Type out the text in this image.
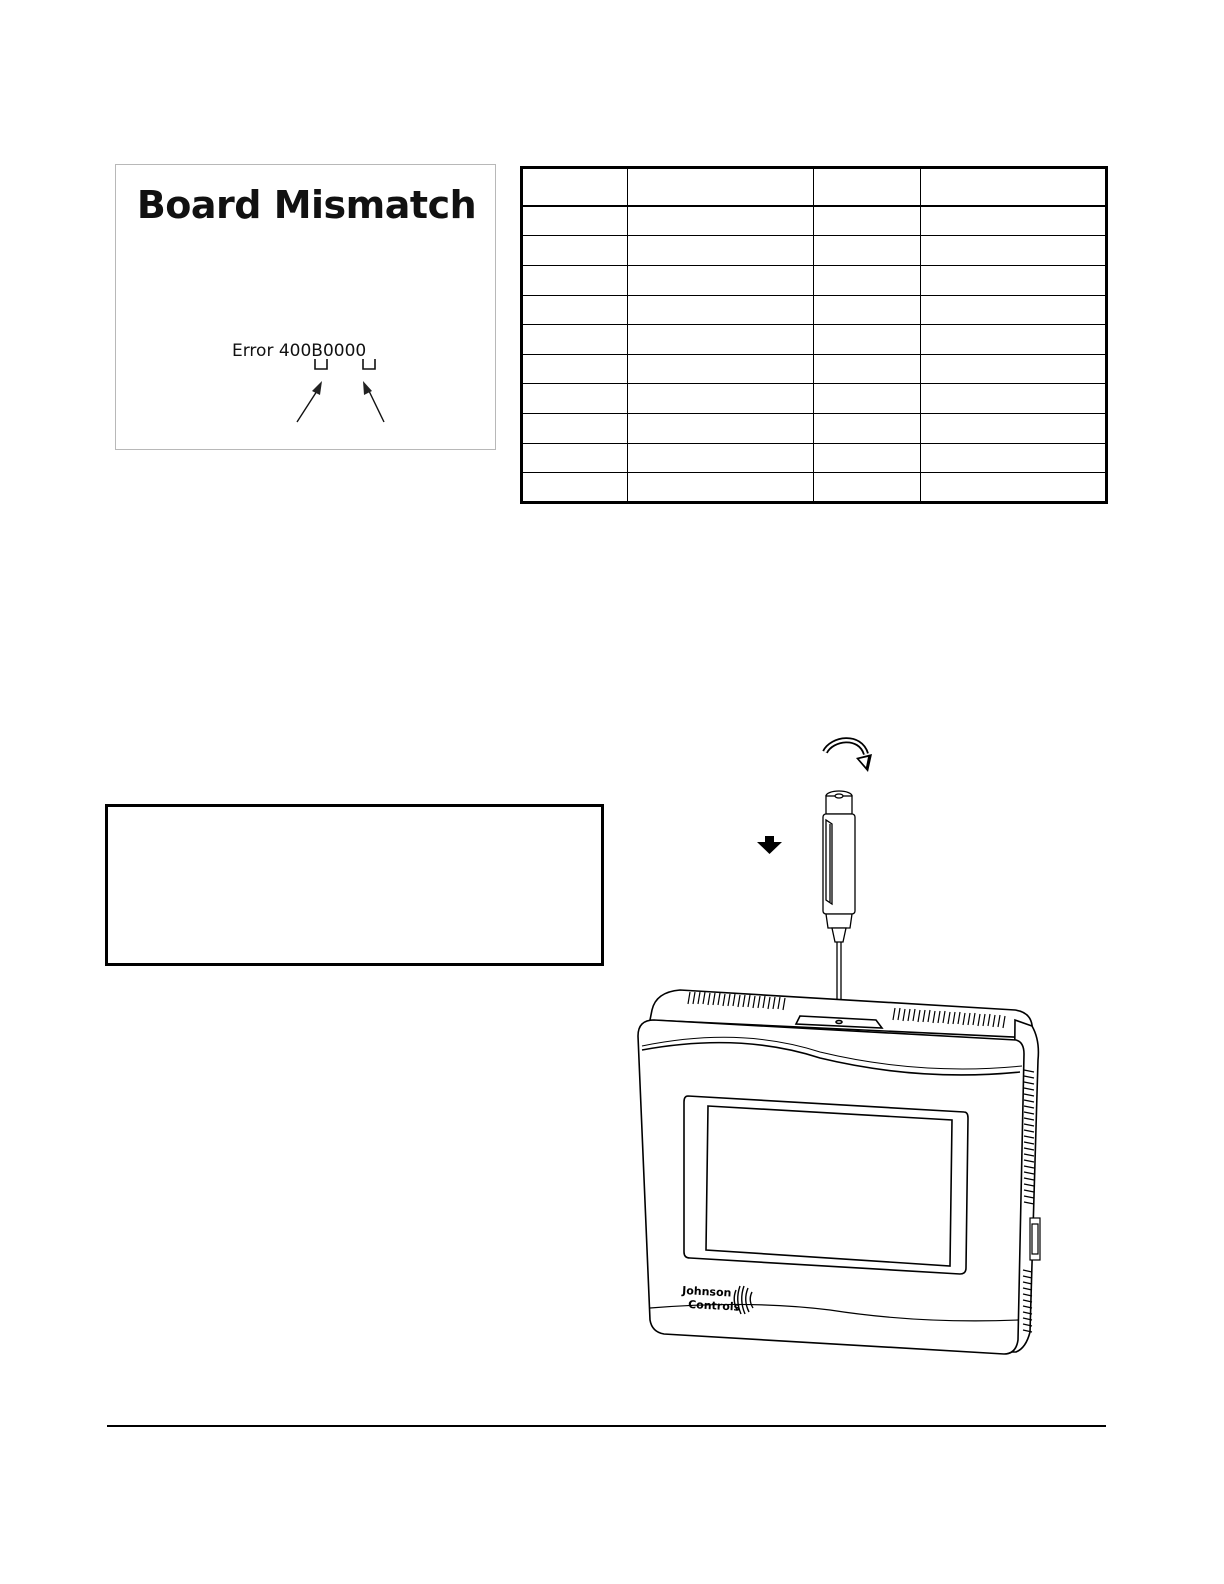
Board Mismatch
Error 400B0000

Johnson
Controls
